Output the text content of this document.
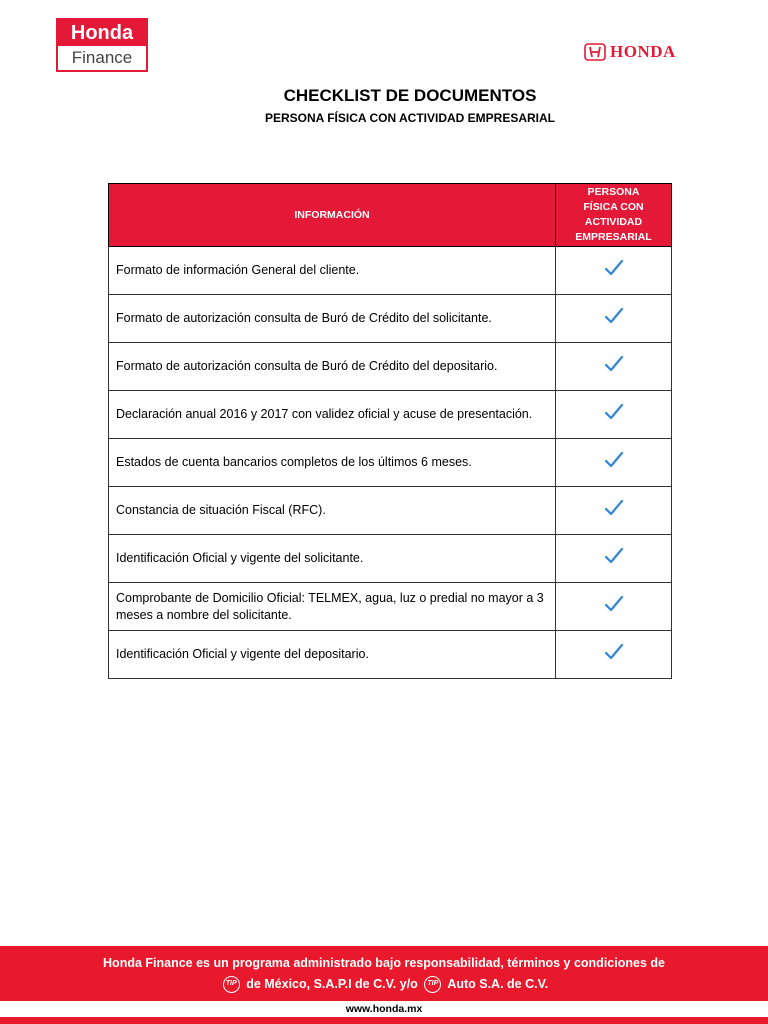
Honda
Finance	HONDA
CHECKLIST DE DOCUMENTOS
PERSONA FÍSICA CON ACTIVIDAD EMPRESARIAL
INFORMACIÓN	PERSONA
FÍSICA CON
ACTIVIDAD
EMPRESARIAL

Formato de información General del cliente.	
Formato de autorización consulta de Buró de Crédito del solicitante.	
Formato de autorización consulta de Buró de Crédito del depositario.	
Declaración anual 2016 y 2017 con validez oficial y acuse de presentación.	
Estados de cuenta bancarios completos de los últimos 6 meses.	
Constancia de situación Fiscal (RFC).	
Identificación Oficial y vigente del solicitante.	
Comprobante de Domicilio Oficial: TELMEX, agua, luz o predial no mayor a 3 meses a nombre del solicitante.	
Identificación Oficial y vigente del depositario.	
Honda Finance es un programa administrado bajo responsabilidad, términos y condiciones de
TIP de México, S.A.P.I de C.V. y/o TIP Auto S.A. de C.V.
www.honda.mx
